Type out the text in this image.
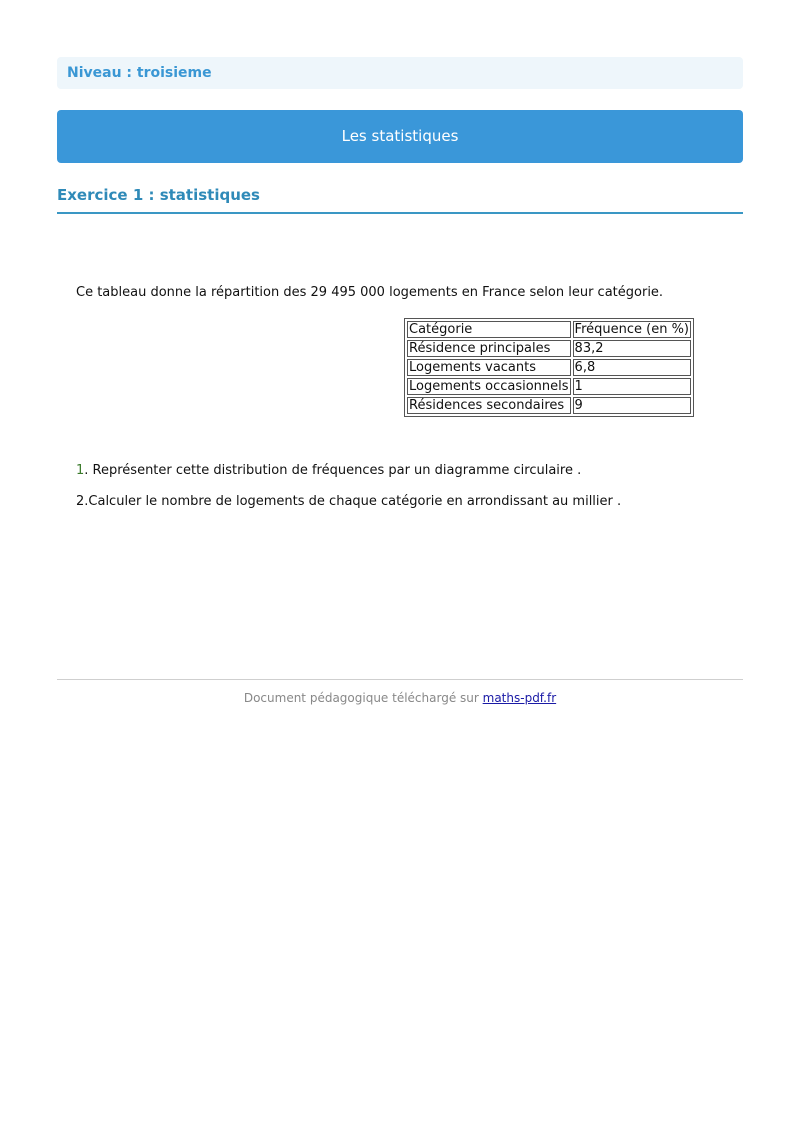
Niveau : troisieme
Les statistiques
Exercice 1 : statistiques
Ce tableau donne la répartition des 29 495 000 logements en France selon leur catégorie.
Catégorie	Fréquence (en %)
Résidence principales	83,2
Logements vacants	6,8
Logements occasionnels	1
Résidences secondaires	9
1. Représenter cette distribution de fréquences par un diagramme circulaire .
2.Calculer le nombre de logements de chaque catégorie en arrondissant au millier .
Document pédagogique téléchargé sur maths-pdf.fr
